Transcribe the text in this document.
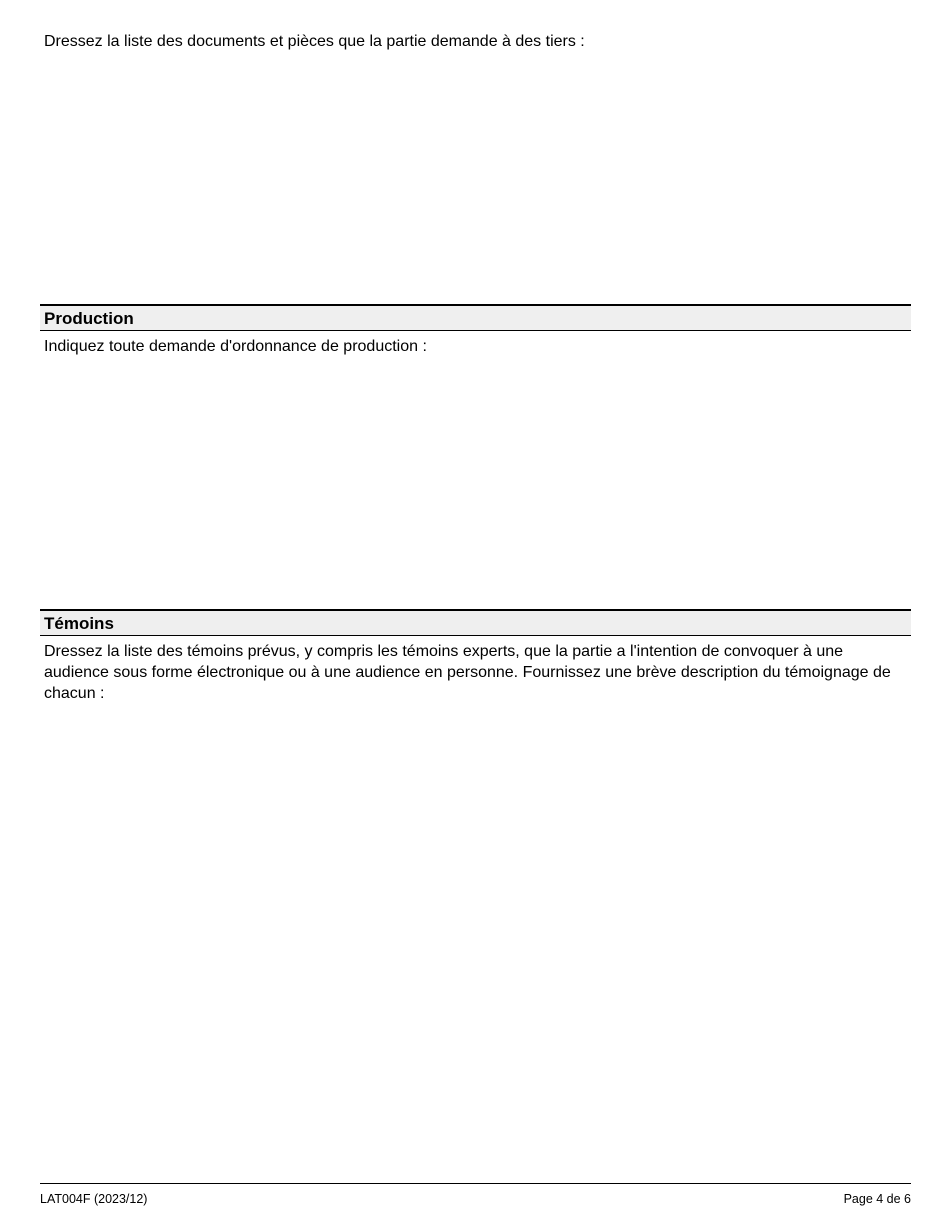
Dressez la liste des documents et pièces que la partie demande à des tiers :

Production

Indiquez toute demande d'ordonnance de production :

Témoins

Dressez la liste des témoins prévus, y compris les témoins experts, que la partie a l'intention de convoquer à une audience sous forme électronique ou à une audience en personne. Fournissez une brève description du témoignage de chacun :

LAT004F (2023/12)	Page 4 de 6
